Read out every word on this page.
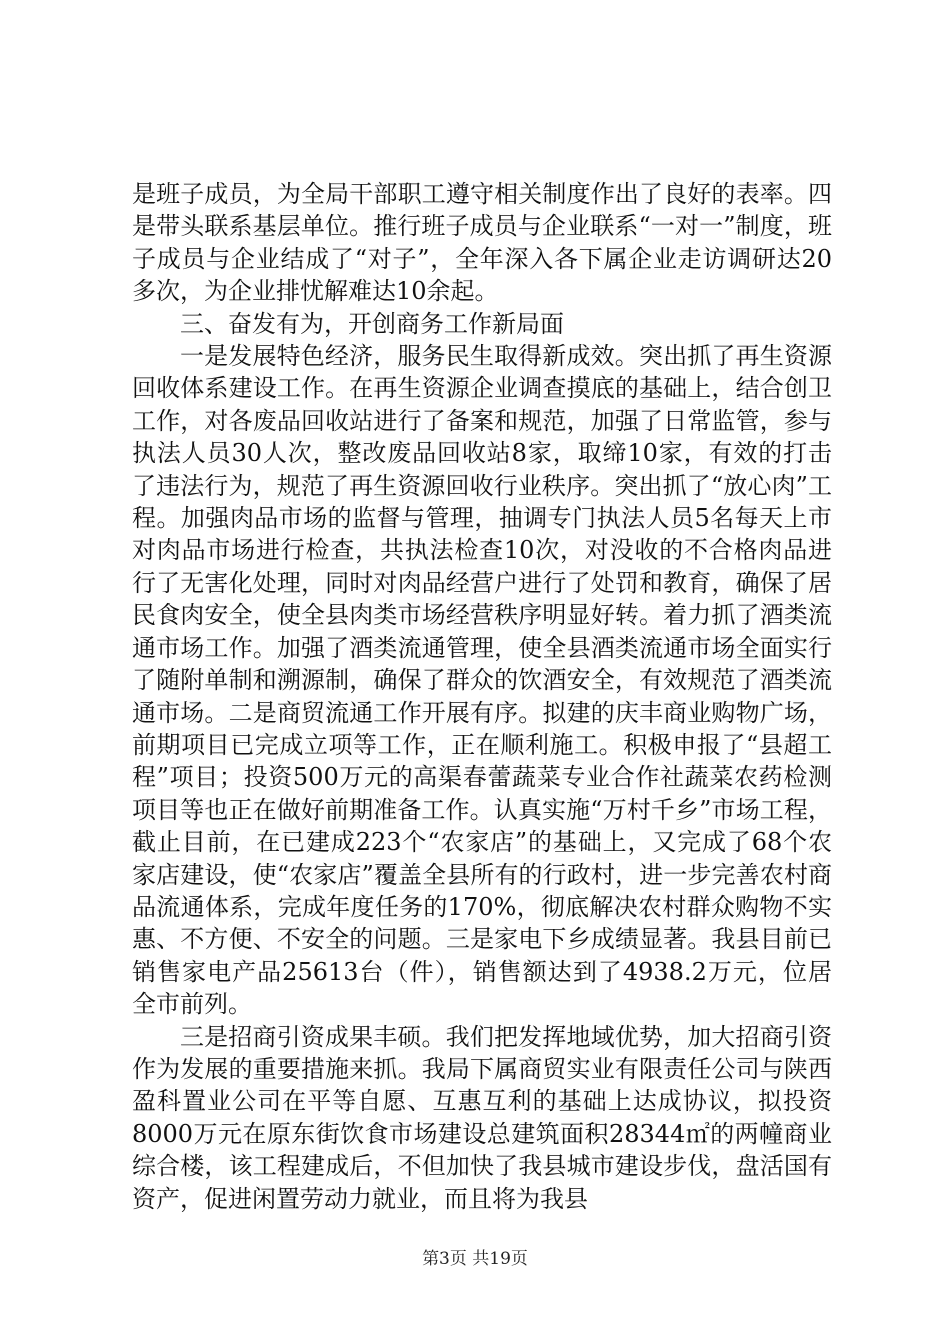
是班子成员，为全局干部职工遵守相关制度作出了良好的表率。四是带头联系基层单位。推行班子成员与企业联系“一对一”制度，班子成员与企业结成了“对子”，全年深入各下属企业走访调研达20多次，为企业排忧解难达10余起。

三、奋发有为，开创商务工作新局面

一是发展特色经济，服务民生取得新成效。突出抓了再生资源回收体系建设工作。在再生资源企业调查摸底的基础上，结合创卫工作，对各废品回收站进行了备案和规范，加强了日常监管，参与执法人员30人次，整改废品回收站8家，取缔10家，有效的打击了违法行为，规范了再生资源回收行业秩序。突出抓了“放心肉”工程。加强肉品市场的监督与管理，抽调专门执法人员5名每天上市对肉品市场进行检查，共执法检查10次，对没收的不合格肉品进行了无害化处理，同时对肉品经营户进行了处罚和教育，确保了居民食肉安全，使全县肉类市场经营秩序明显好转。着力抓了酒类流通市场工作。加强了酒类流通管理，使全县酒类流通市场全面实行了随附单制和溯源制，确保了群众的饮酒安全，有效规范了酒类流通市场。二是商贸流通工作开展有序。拟建的庆丰商业购物广场，前期项目已完成立项等工作，正在顺利施工。积极申报了“县超工程”项目；投资500万元的高渠春蕾蔬菜专业合作社蔬菜农药检测项目等也正在做好前期准备工作。认真实施“万村千乡”市场工程，截止目前，在已建成223个“农家店”的基础上，又完成了68个农家店建设，使“农家店”覆盖全县所有的行政村，进一步完善农村商品流通体系，完成年度任务的170%，彻底解决农村群众购物不实惠、不方便、不安全的问题。三是家电下乡成绩显著。我县目前已销售家电产品25613台（件），销售额达到了4938.2万元，位居全市前列。

三是招商引资成果丰硕。我们把发挥地域优势，加大招商引资作为发展的重要措施来抓。我局下属商贸实业有限责任公司与陕西盈科置业公司在平等自愿、互惠互利的基础上达成协议，拟投资8000万元在原东街饮食市场建设总建筑面积28344㎡的两幢商业综合楼，该工程建成后，不但加快了我县城市建设步伐，盘活国有资产，促进闲置劳动力就业，而且将为我县

第3页 共19页
